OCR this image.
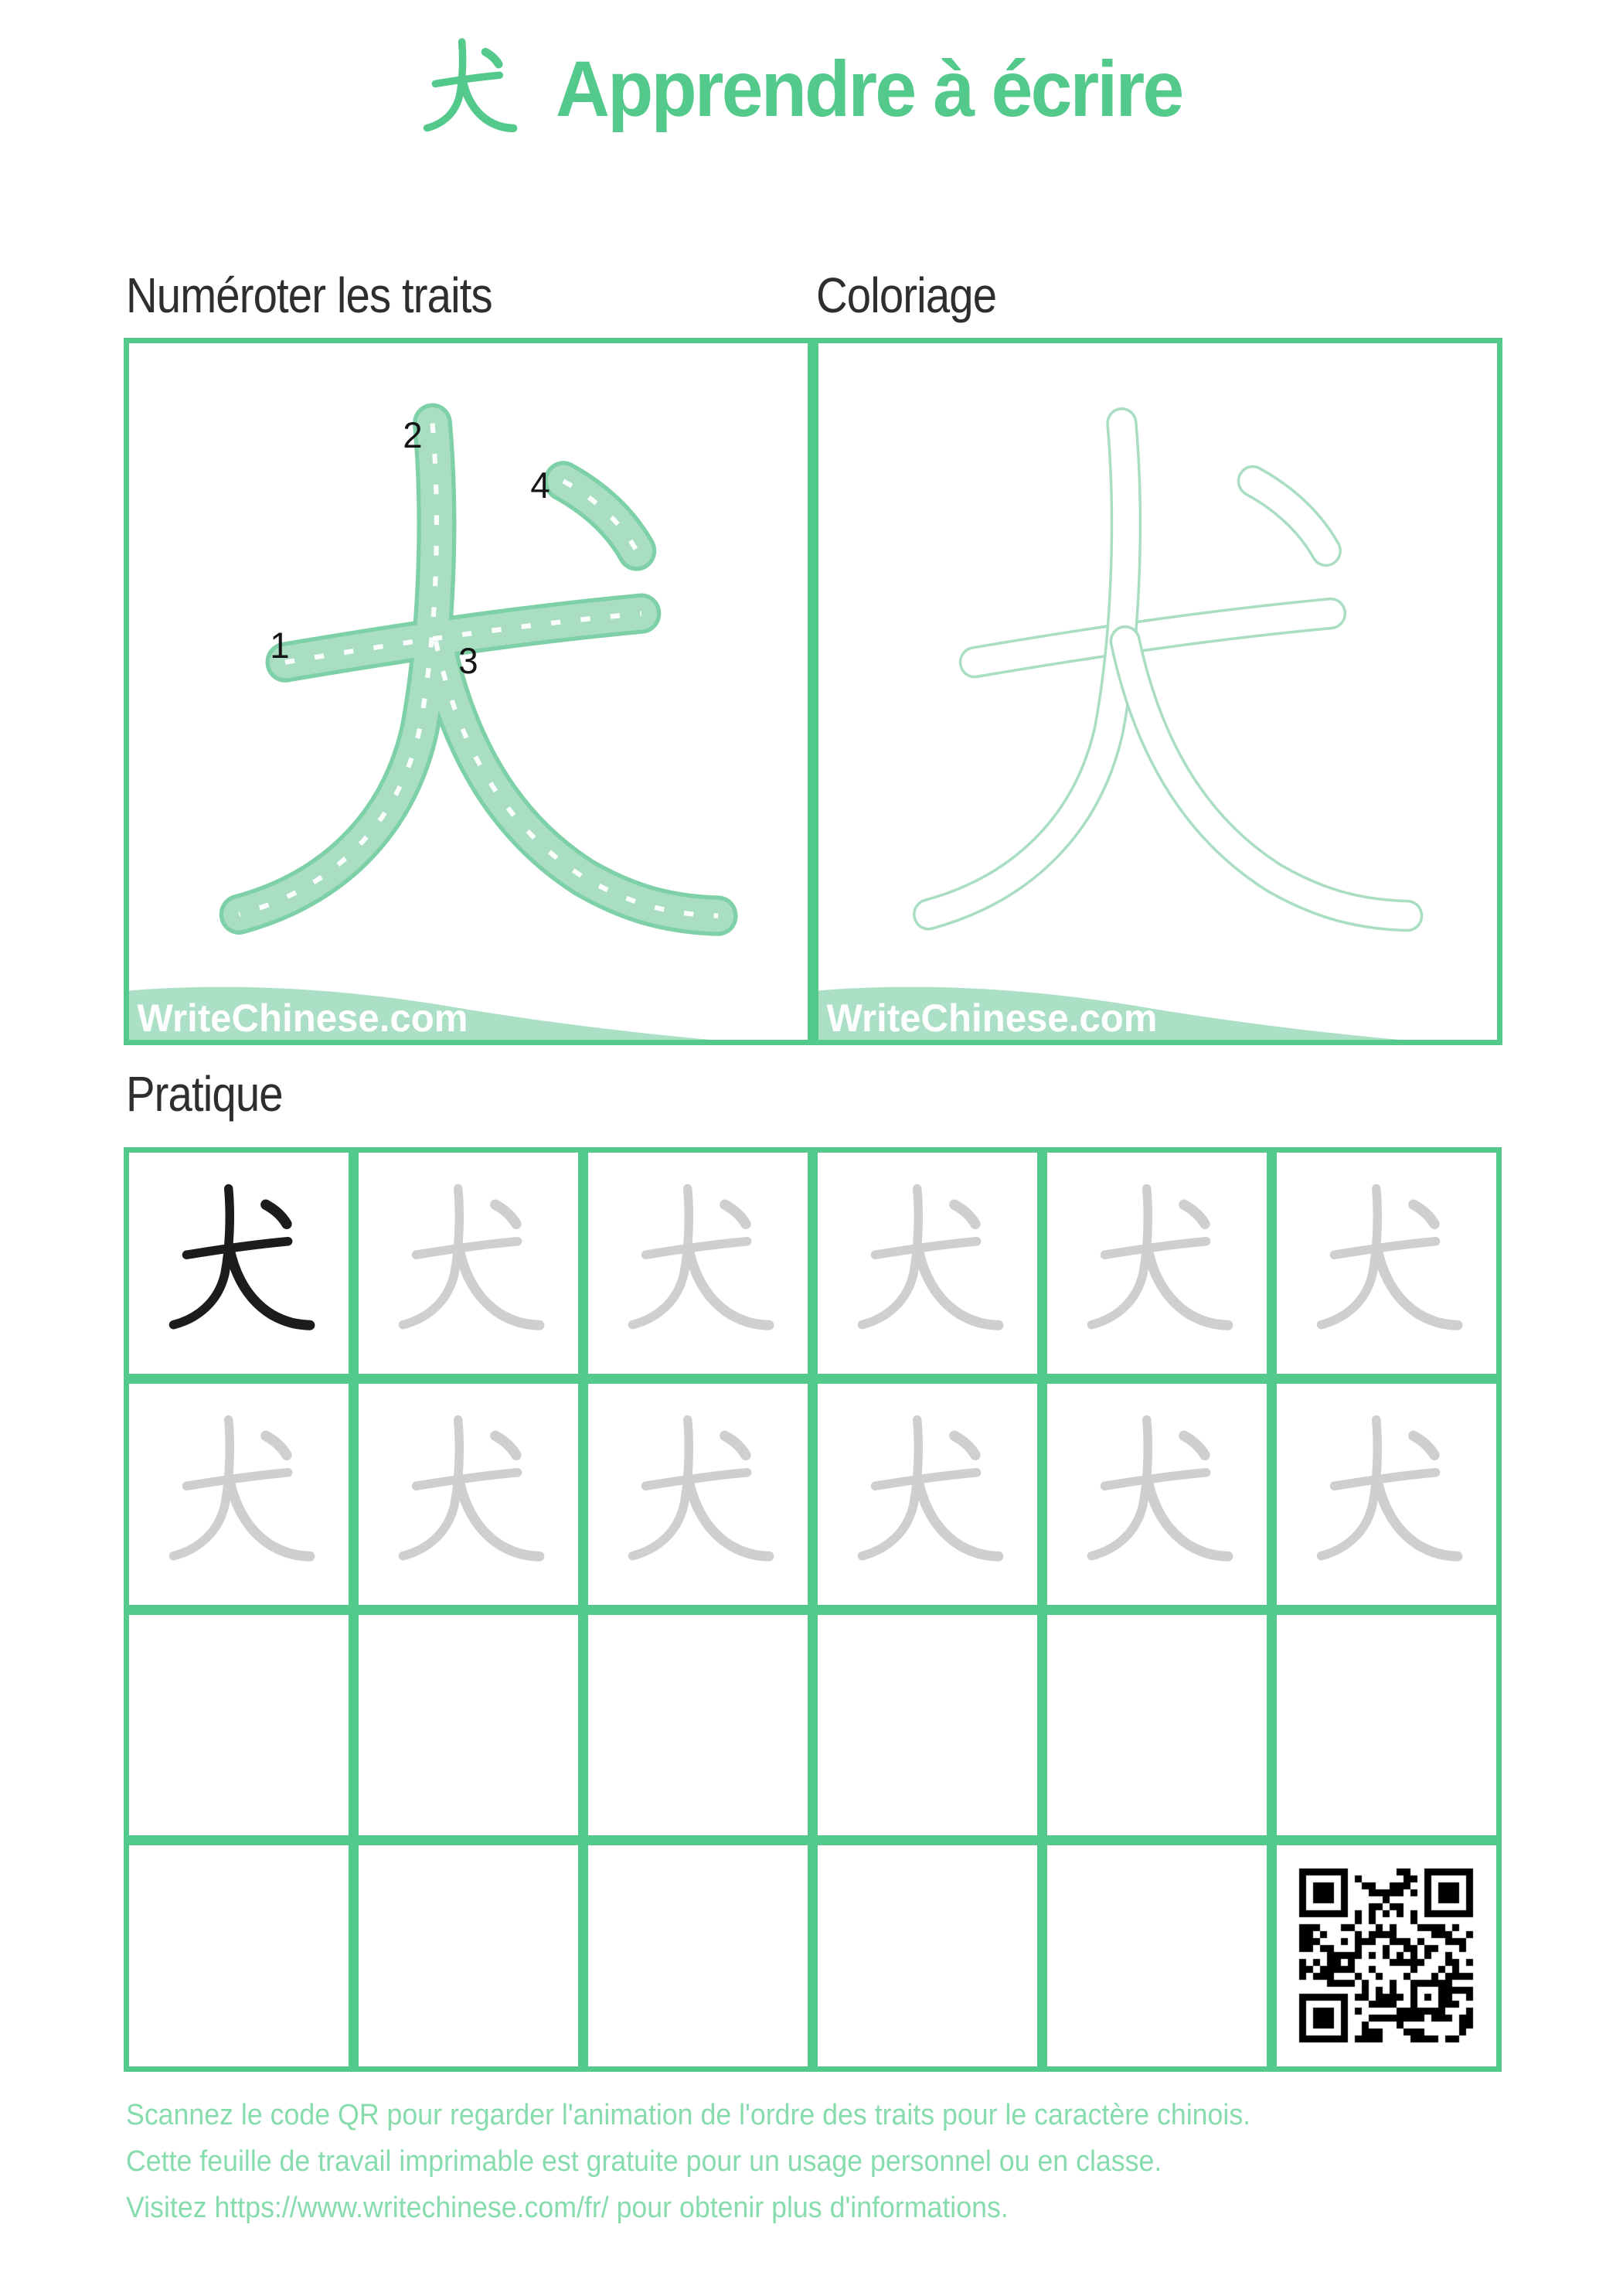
Apprendre à écrire
Numéroter les traits	Coloriage
1
2
3
4
WriteChinese.com	WriteChinese.com
Pratique
Scannez le code QR pour regarder l'animation de l'ordre des traits pour le caractère chinois.
Cette feuille de travail imprimable est gratuite pour un usage personnel ou en classe.
Visitez https://www.writechinese.com/fr/ pour obtenir plus d'informations.
